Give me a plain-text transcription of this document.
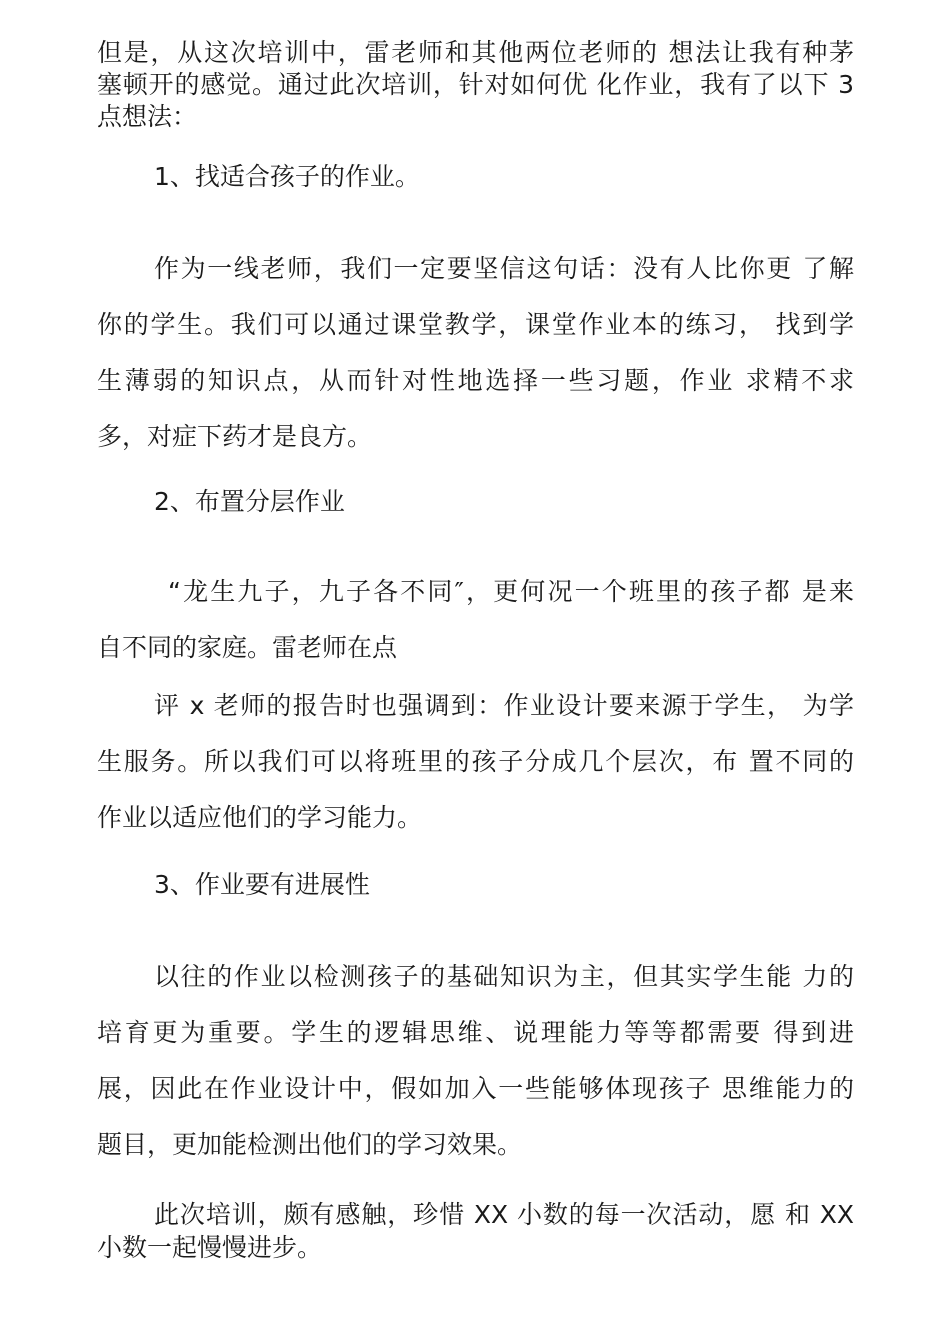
但是，从这次培训中，雷老师和其他两位老师的 想法让我有种茅
塞顿开的感觉。通过此次培训，针对如何优 化作业，我有了以下 3
点想法：
1、找适合孩子的作业。
作为一线老师，我们一定要坚信这句话：没有人比你更 了解
你的学生。我们可以通过课堂教学，课堂作业本的练习， 找到学
生薄弱的知识点，从而针对性地选择一些习题，作业 求精不求
多，对症下药才是良方。
2、布置分层作业
“龙生九子，九子各不同″，更何况一个班里的孩子都 是来
自不同的家庭。雷老师在点
评 x 老师的报告时也强调到：作业设计要来源于学生， 为学
生服务。所以我们可以将班里的孩子分成几个层次，布 置不同的
作业以适应他们的学习能力。
3、作业要有进展性
以往的作业以检测孩子的基础知识为主，但其实学生能 力的
培育更为重要。学生的逻辑思维、说理能力等等都需要 得到进
展，因此在作业设计中，假如加入一些能够体现孩子 思维能力的
题目，更加能检测出他们的学习效果。
此次培训，颇有感触，珍惜 XX 小数的每一次活动，愿 和 XX
小数一起慢慢进步。
